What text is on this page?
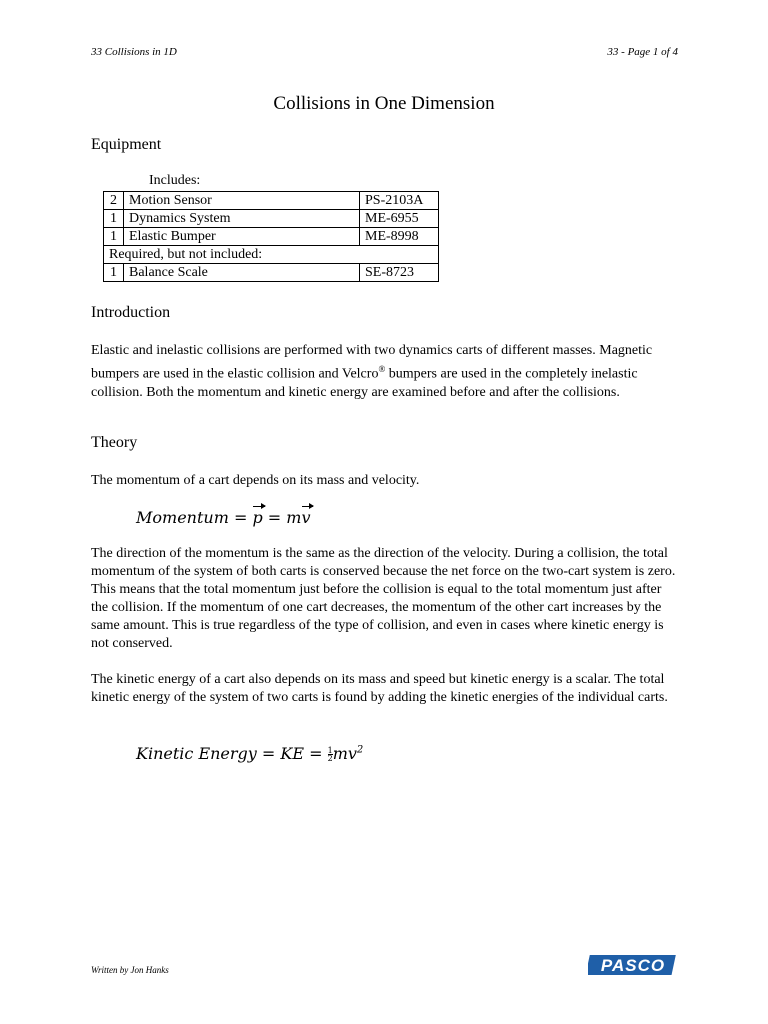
33 Collisions in 1D	33 - Page 1 of 4
Collisions in One Dimension
Equipment
Includes:
2	Motion Sensor	PS-2103A
1	Dynamics System	ME-6955
1	Elastic Bumper	ME-8998
Required, but not included:		
1	Balance Scale	SE-8723
Introduction
Elastic and inelastic collisions are performed with two dynamics carts of different masses. Magnetic bumpers are used in the elastic collision and Velcro® bumpers are used in the completely inelastic collision. Both the momentum and kinetic energy are examined before and after the collisions.
Theory
The momentum of a cart depends on its mass and velocity.
Momentum = p = mv
The direction of the momentum is the same as the direction of the velocity. During a collision, the total momentum of the system of both carts is conserved because the net force on the two-cart system is zero. This means that the total momentum just before the collision is equal to the total momentum just after the collision. If the momentum of one cart decreases, the momentum of the other cart increases by the same amount. This is true regardless of the type of collision, and even in cases where kinetic energy is not conserved.
The kinetic energy of a cart also depends on its mass and speed but kinetic energy is a scalar. The total kinetic energy of the system of two carts is found by adding the kinetic energies of the individual carts.
Kinetic Energy = KE = $\frac{1}{2} mv^2$
Written by Jon Hanks	PASCO
